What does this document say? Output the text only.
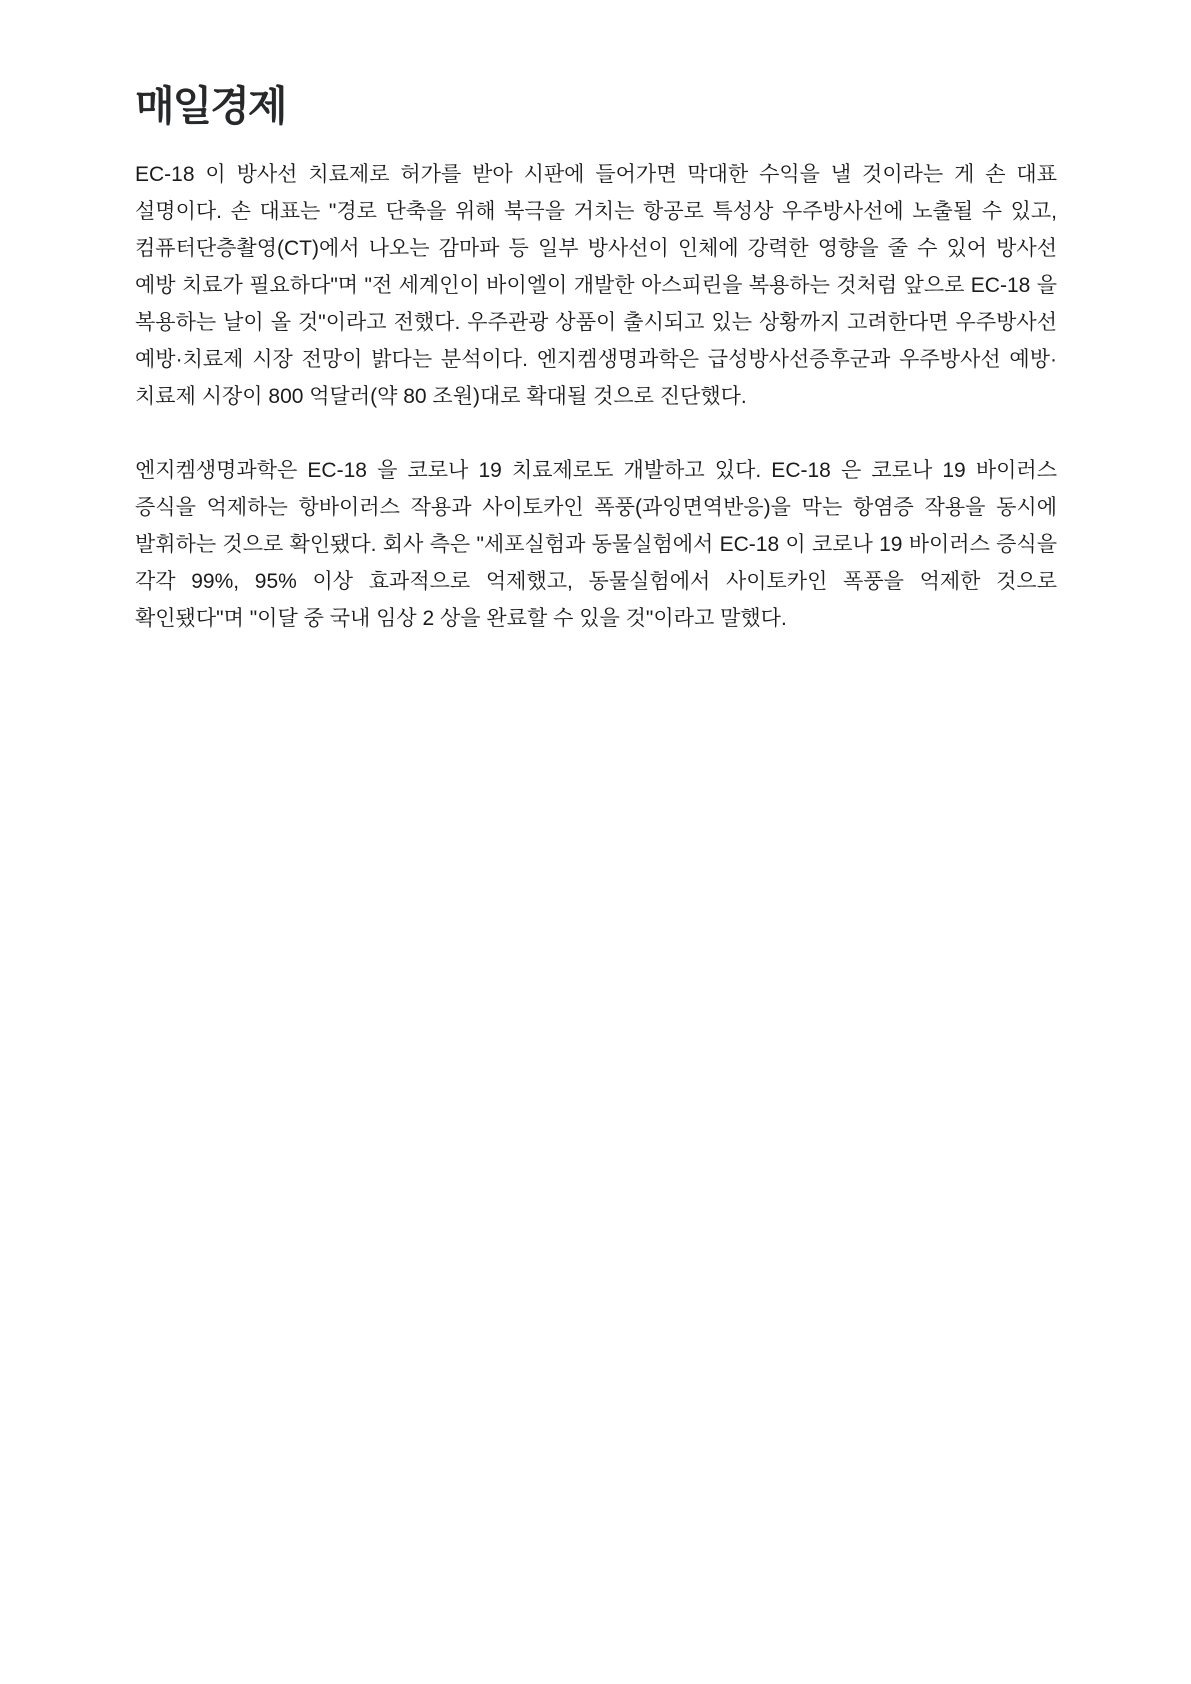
매일경제

EC-18 이 방사선 치료제로 허가를 받아 시판에 들어가면 막대한 수익을 낼 것이라는 게 손 대표 설명이다. 손 대표는 "경로 단축을 위해 북극을 거치는 항공로 특성상 우주방사선에 노출될 수 있고, 컴퓨터단층촬영(CT)에서 나오는 감마파 등 일부 방사선이 인체에 강력한 영향을 줄 수 있어 방사선 예방 치료가 필요하다"며 "전 세계인이 바이엘이 개발한 아스피린을 복용하는 것처럼 앞으로 EC-18 을 복용하는 날이 올 것"이라고 전했다. 우주관광 상품이 출시되고 있는 상황까지 고려한다면 우주방사선 예방·치료제 시장 전망이 밝다는 분석이다. 엔지켐생명과학은 급성방사선증후군과 우주방사선 예방·치료제 시장이 800 억달러(약 80 조원)대로 확대될 것으로 진단했다.

엔지켐생명과학은 EC-18 을 코로나 19 치료제로도 개발하고 있다. EC-18 은 코로나 19 바이러스 증식을 억제하는 항바이러스 작용과 사이토카인 폭풍(과잉면역반응)을 막는 항염증 작용을 동시에 발휘하는 것으로 확인됐다. 회사 측은 "세포실험과 동물실험에서 EC-18 이 코로나 19 바이러스 증식을 각각 99%, 95% 이상 효과적으로 억제했고, 동물실험에서 사이토카인 폭풍을 억제한 것으로 확인됐다"며 "이달 중 국내 임상 2 상을 완료할 수 있을 것"이라고 말했다.
